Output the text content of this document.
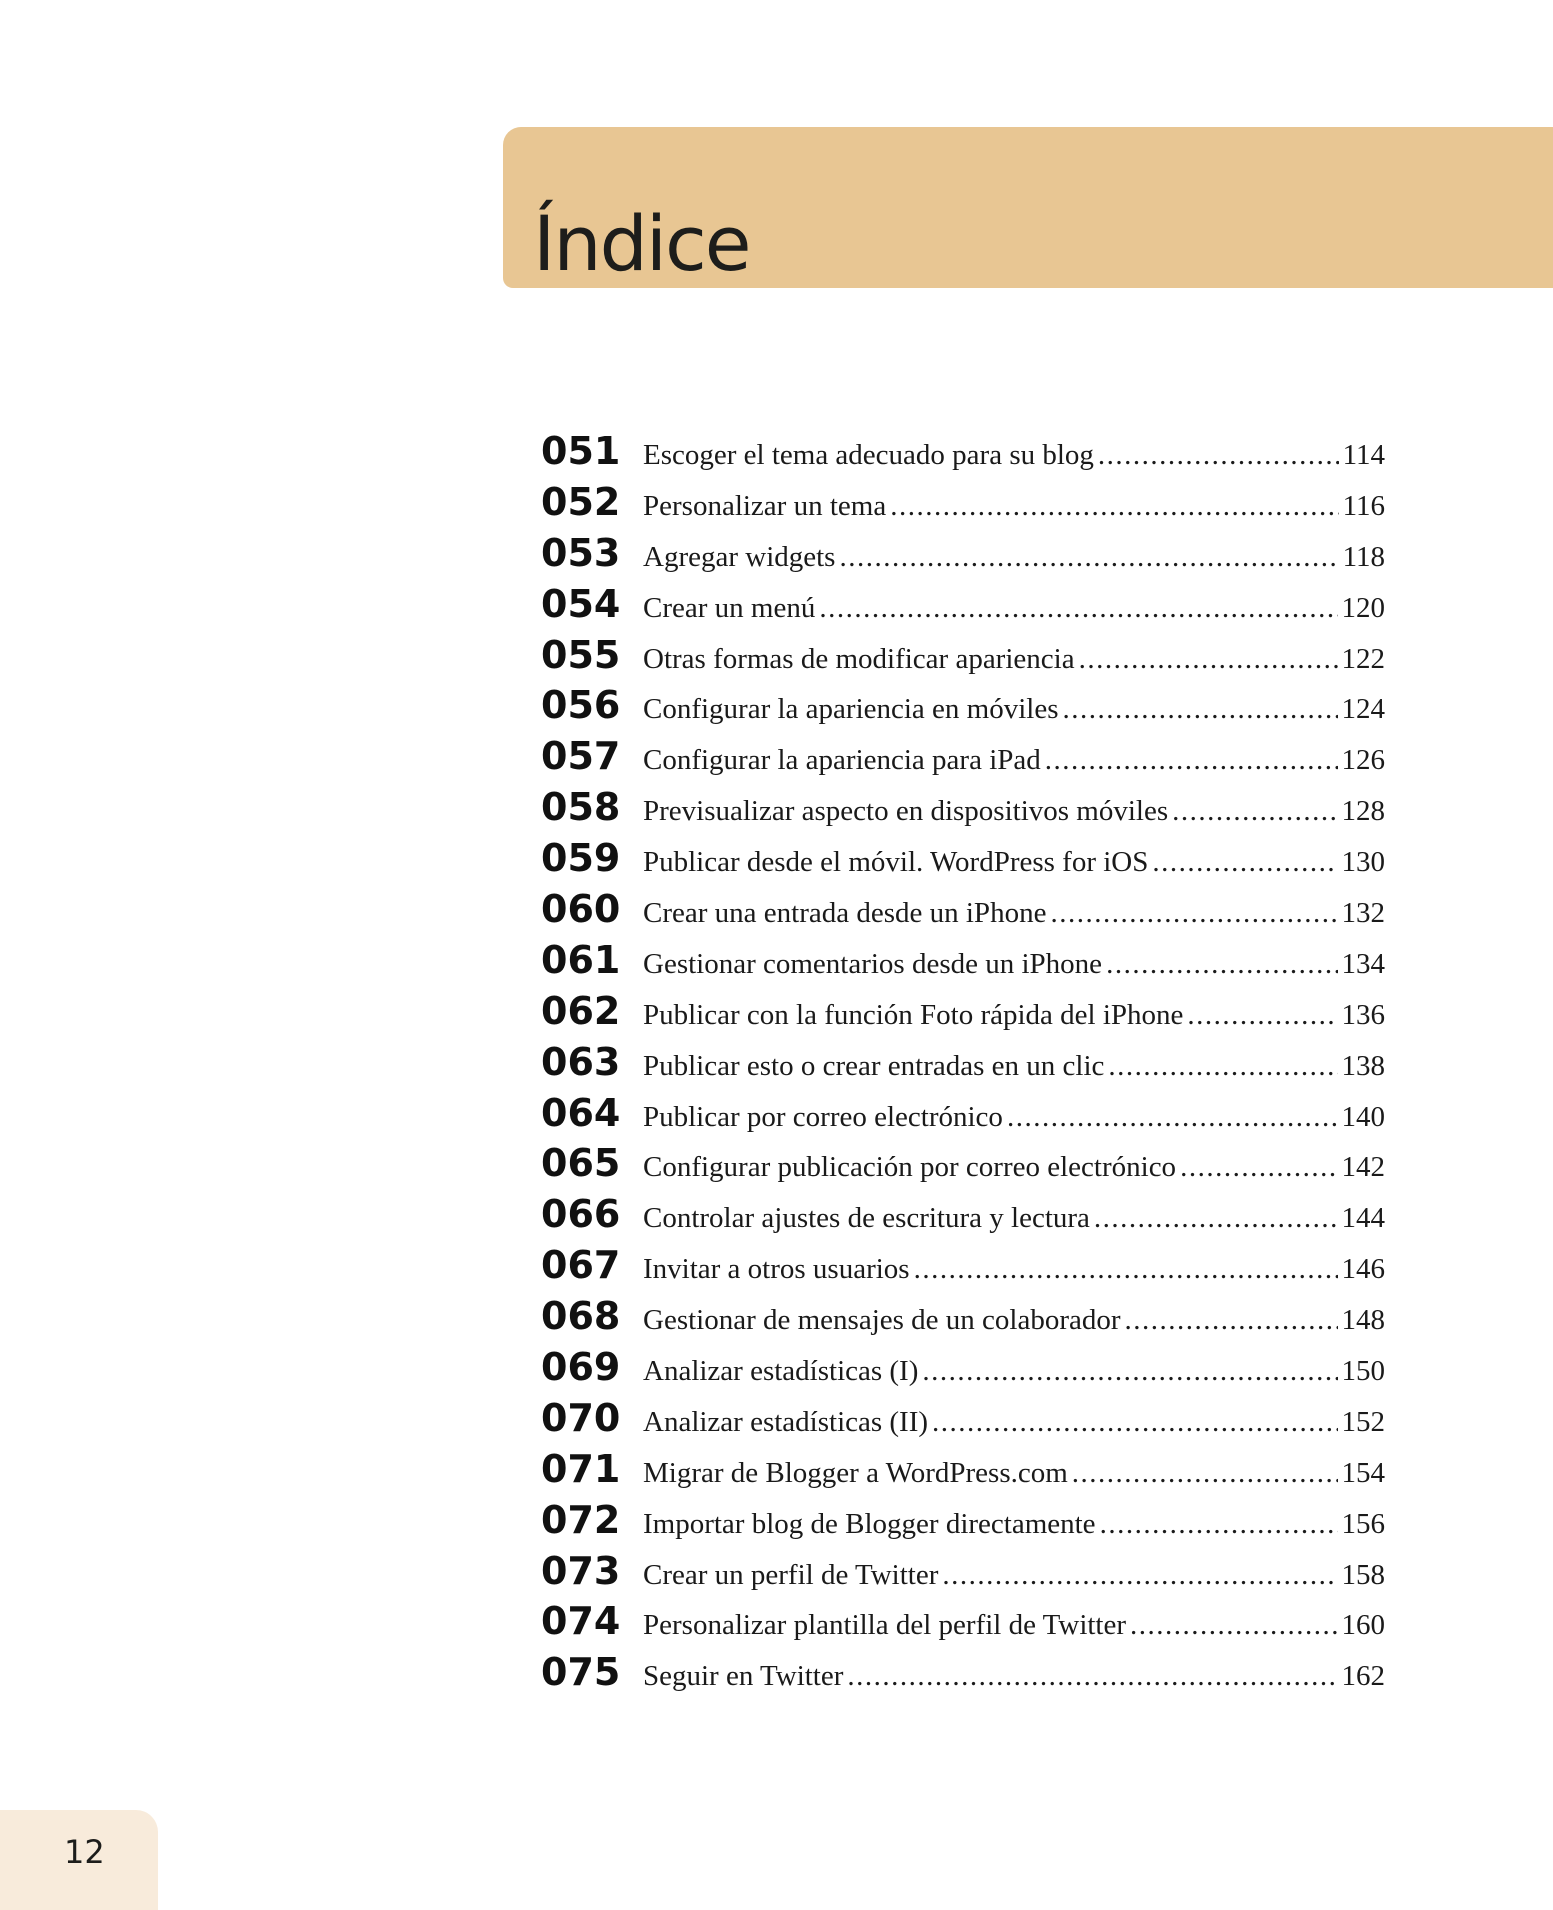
Índice
051 Escoger el tema adecuado para su blog .....	114
052 Personalizar un tema .....	116
053 Agregar widgets .....	118
054 Crear un menú .....	120
055 Otras formas de modificar apariencia .....	122
056 Configurar la apariencia en móviles .....	124
057 Configurar la apariencia para iPad .....	126
058 Previsualizar aspecto en dispositivos móviles .....	128
059 Publicar desde el móvil. WordPress for iOS .....	130
060 Crear una entrada desde un iPhone .....	132
061 Gestionar comentarios desde un iPhone .....	134
062 Publicar con la función Foto rápida del iPhone .....	136
063 Publicar esto o crear entradas en un clic .....	138
064 Publicar por correo electrónico .....	140
065 Configurar publicación por correo electrónico .....	142
066 Controlar ajustes de escritura y lectura .....	144
067 Invitar a otros usuarios .....	146
068 Gestionar de mensajes de un colaborador .....	148
069 Analizar estadísticas (I) .....	150
070 Analizar estadísticas (II) .....	152
071 Migrar de Blogger a WordPress.com .....	154
072 Importar blog de Blogger directamente .....	156
073 Crear un perfil de Twitter .....	158
074 Personalizar plantilla del perfil de Twitter .....	160
075 Seguir en Twitter .....	162
12
